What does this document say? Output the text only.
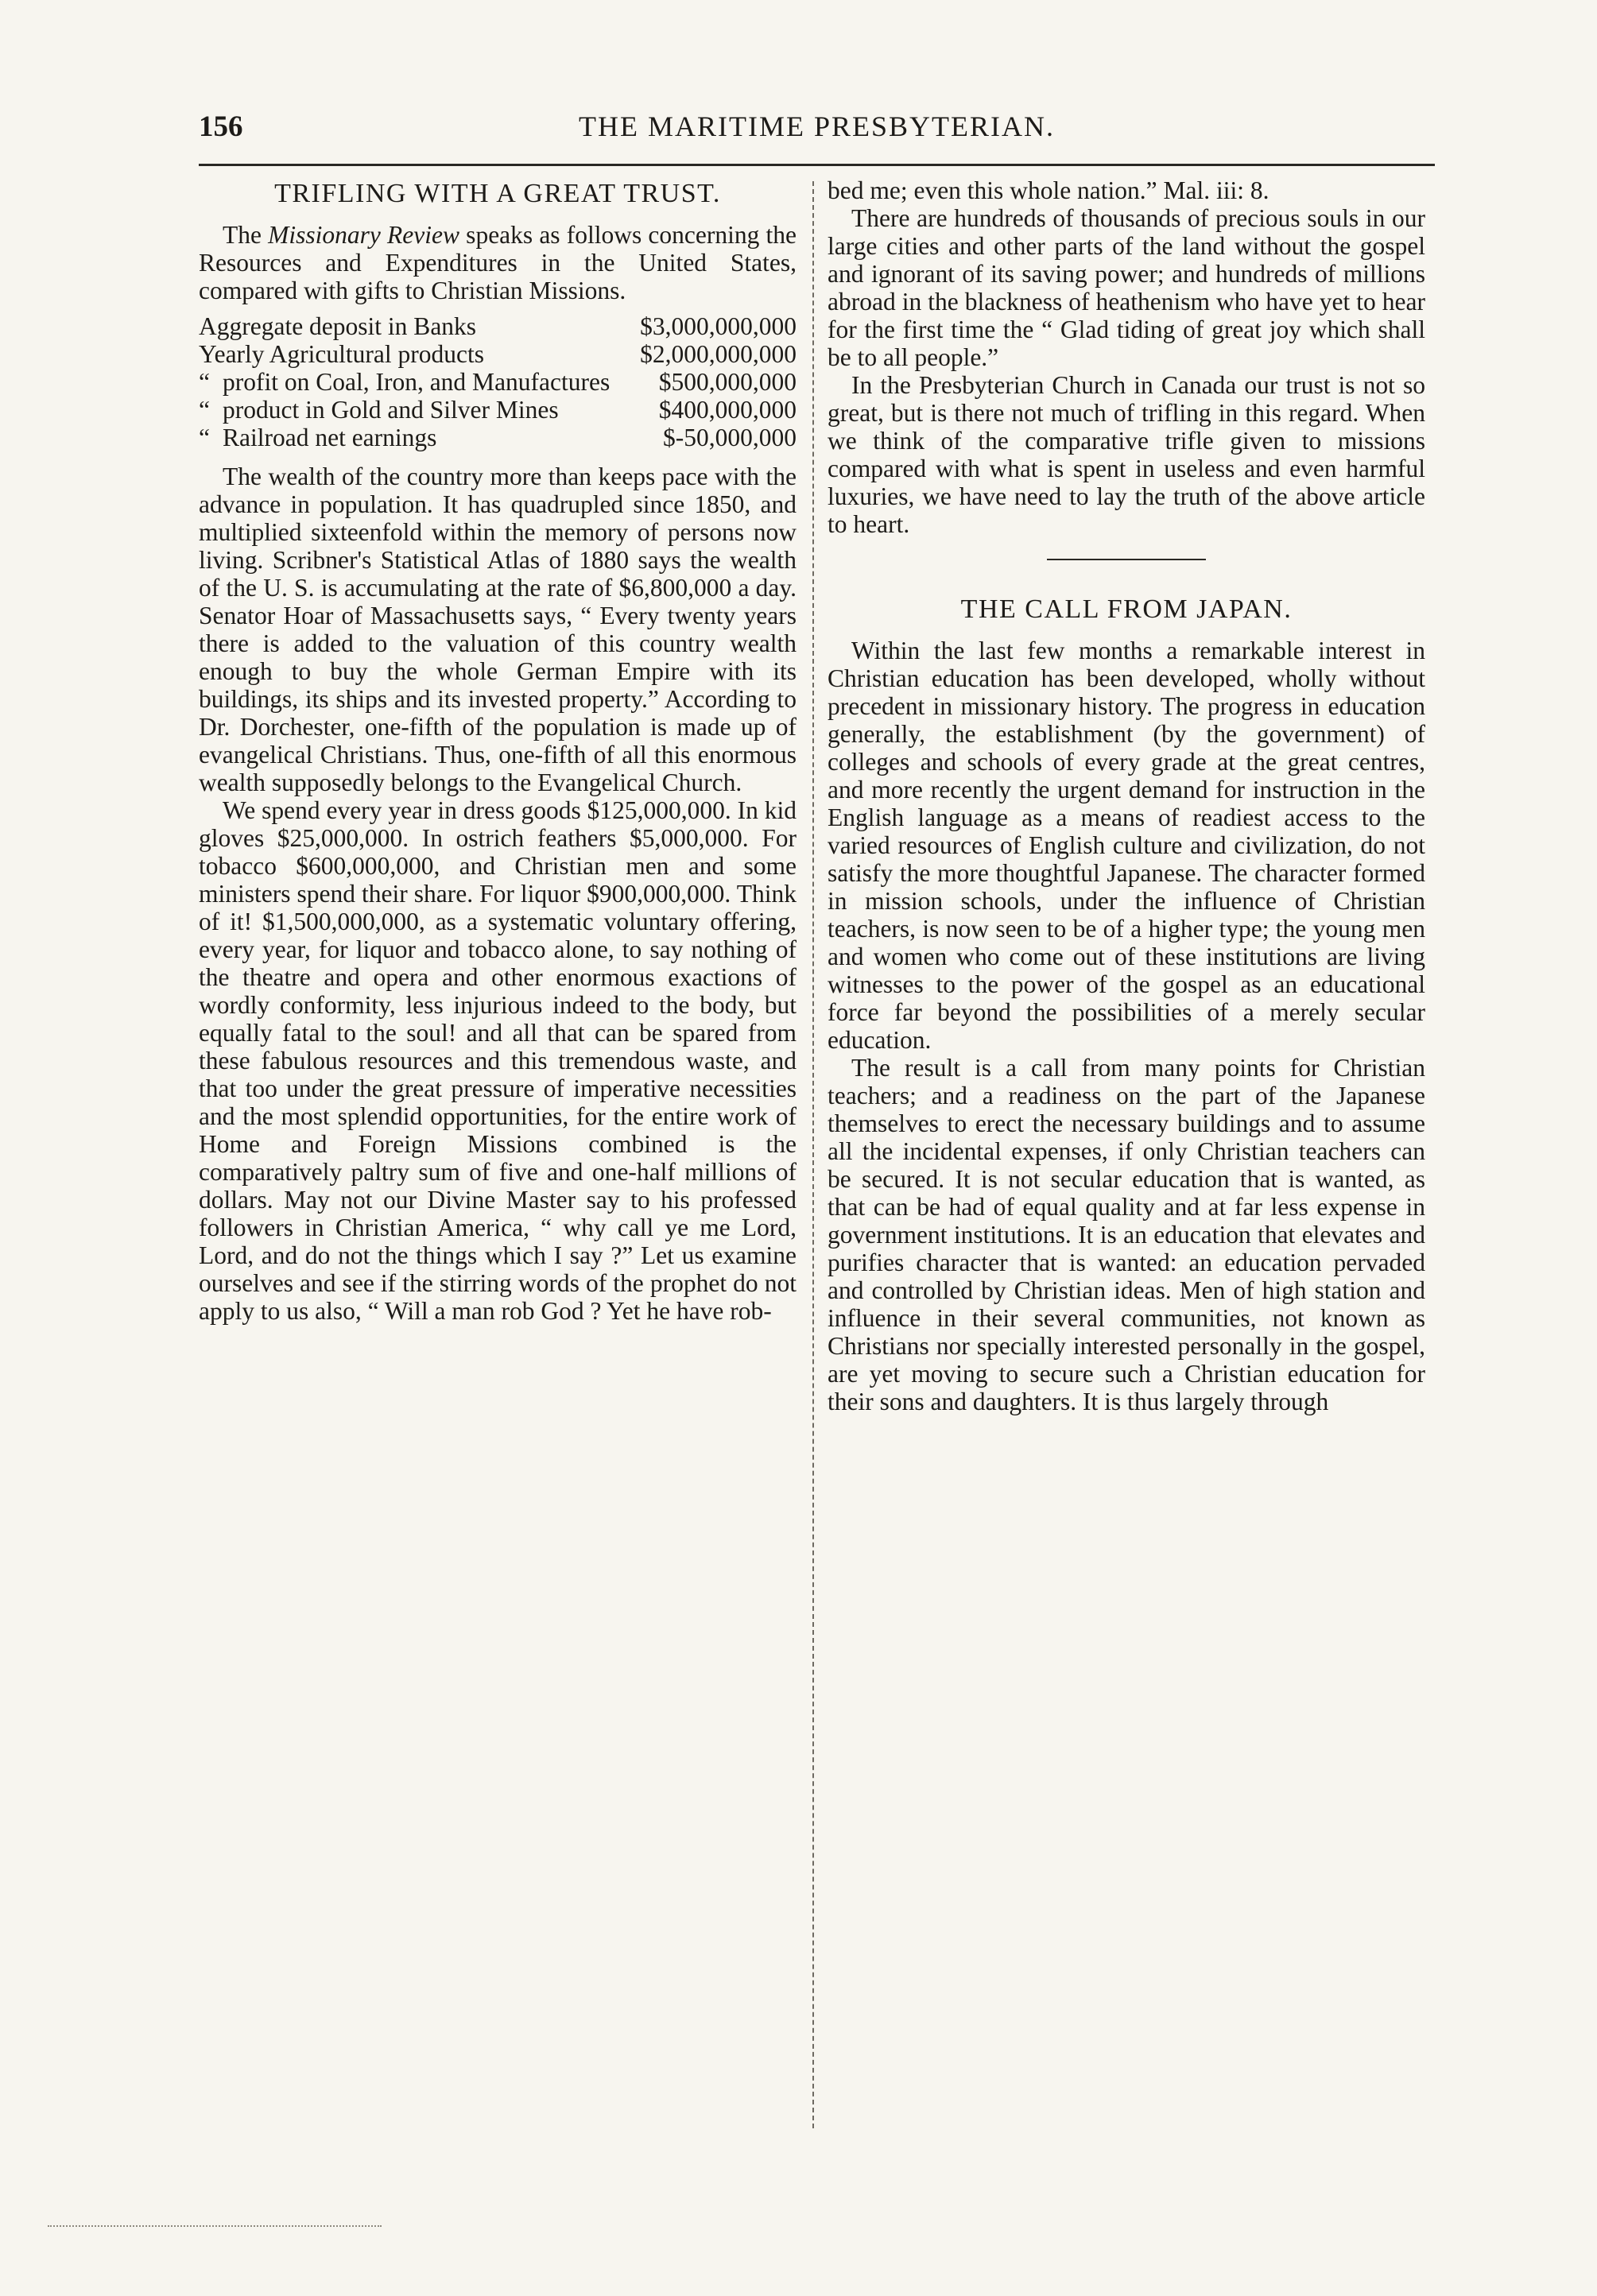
156	THE MARITIME PRESBYTERIAN.
TRIFLING WITH A GREAT TRUST.

The Missionary Review speaks as follows concerning the Resources and Expenditures in the United States, compared with gifts to Christian Missions.

Aggregate deposit in Banks	$3,000,000,000
Yearly Agricultural products	$2,000,000,000
“ profit on Coal, Iron, and Manufactures	$500,000,000
“ product in Gold and Silver Mines	$400,000,000
“ Railroad net earnings	$-50,000,000

The wealth of the country more than keeps pace with the advance in population. It has quadrupled since 1850, and multiplied sixteenfold within the memory of persons now living. Scribner's Statistical Atlas of 1880 says the wealth of the U. S. is accumulating at the rate of $6,800,000 a day. Senator Hoar of Massachusetts says, “ Every twenty years there is added to the valuation of this country wealth enough to buy the whole German Empire with its buildings, its ships and its invested property.” According to Dr. Dorchester, one-fifth of the population is made up of evangelical Christians. Thus, one-fifth of all this enormous wealth supposedly belongs to the Evangelical Church.

We spend every year in dress goods $125,000,000. In kid gloves $25,000,000. In ostrich feathers $5,000,000. For tobacco $600,000,000, and Christian men and some ministers spend their share. For liquor $900,000,000. Think of it! $1,500,000,000, as a systematic voluntary offering, every year, for liquor and tobacco alone, to say nothing of the theatre and opera and other enormous exactions of wordly conformity, less injurious indeed to the body, but equally fatal to the soul! and all that can be spared from these fabulous resources and this tremendous waste, and that too under the great pressure of imperative necessities and the most splendid opportunities, for the entire work of Home and Foreign Missions combined is the comparatively paltry sum of five and one-half millions of dollars. May not our Divine Master say to his professed followers in Christian America, “ why call ye me Lord, Lord, and do not the things which I say ?” Let us examine ourselves and see if the stirring words of the prophet do not apply to us also, “ Will a man rob God ? Yet he have rob-

bed me; even this whole nation.” Mal. iii: 8.

There are hundreds of thousands of precious souls in our large cities and other parts of the land without the gospel and ignorant of its saving power; and hundreds of millions abroad in the blackness of heathenism who have yet to hear for the first time the “ Glad tiding of great joy which shall be to all people.”

In the Presbyterian Church in Canada our trust is not so great, but is there not much of trifling in this regard. When we think of the comparative trifle given to missions compared with what is spent in useless and even harmful luxuries, we have need to lay the truth of the above article to heart.

THE CALL FROM JAPAN.

Within the last few months a remarkable interest in Christian education has been developed, wholly without precedent in missionary history. The progress in education generally, the establishment (by the government) of colleges and schools of every grade at the great centres, and more recently the urgent demand for instruction in the English language as a means of readiest access to the varied resources of English culture and civilization, do not satisfy the more thoughtful Japanese. The character formed in mission schools, under the influence of Christian teachers, is now seen to be of a higher type; the young men and women who come out of these institutions are living witnesses to the power of the gospel as an educational force far beyond the possibilities of a merely secular education.

The result is a call from many points for Christian teachers; and a readiness on the part of the Japanese themselves to erect the necessary buildings and to assume all the incidental expenses, if only Christian teachers can be secured. It is not secular education that is wanted, as that can be had of equal quality and at far less expense in government institutions. It is an education that elevates and purifies character that is wanted: an education pervaded and controlled by Christian ideas. Men of high station and influence in their several communities, not known as Christians nor specially interested personally in the gospel, are yet moving to secure such a Christian education for their sons and daughters. It is thus largely through
